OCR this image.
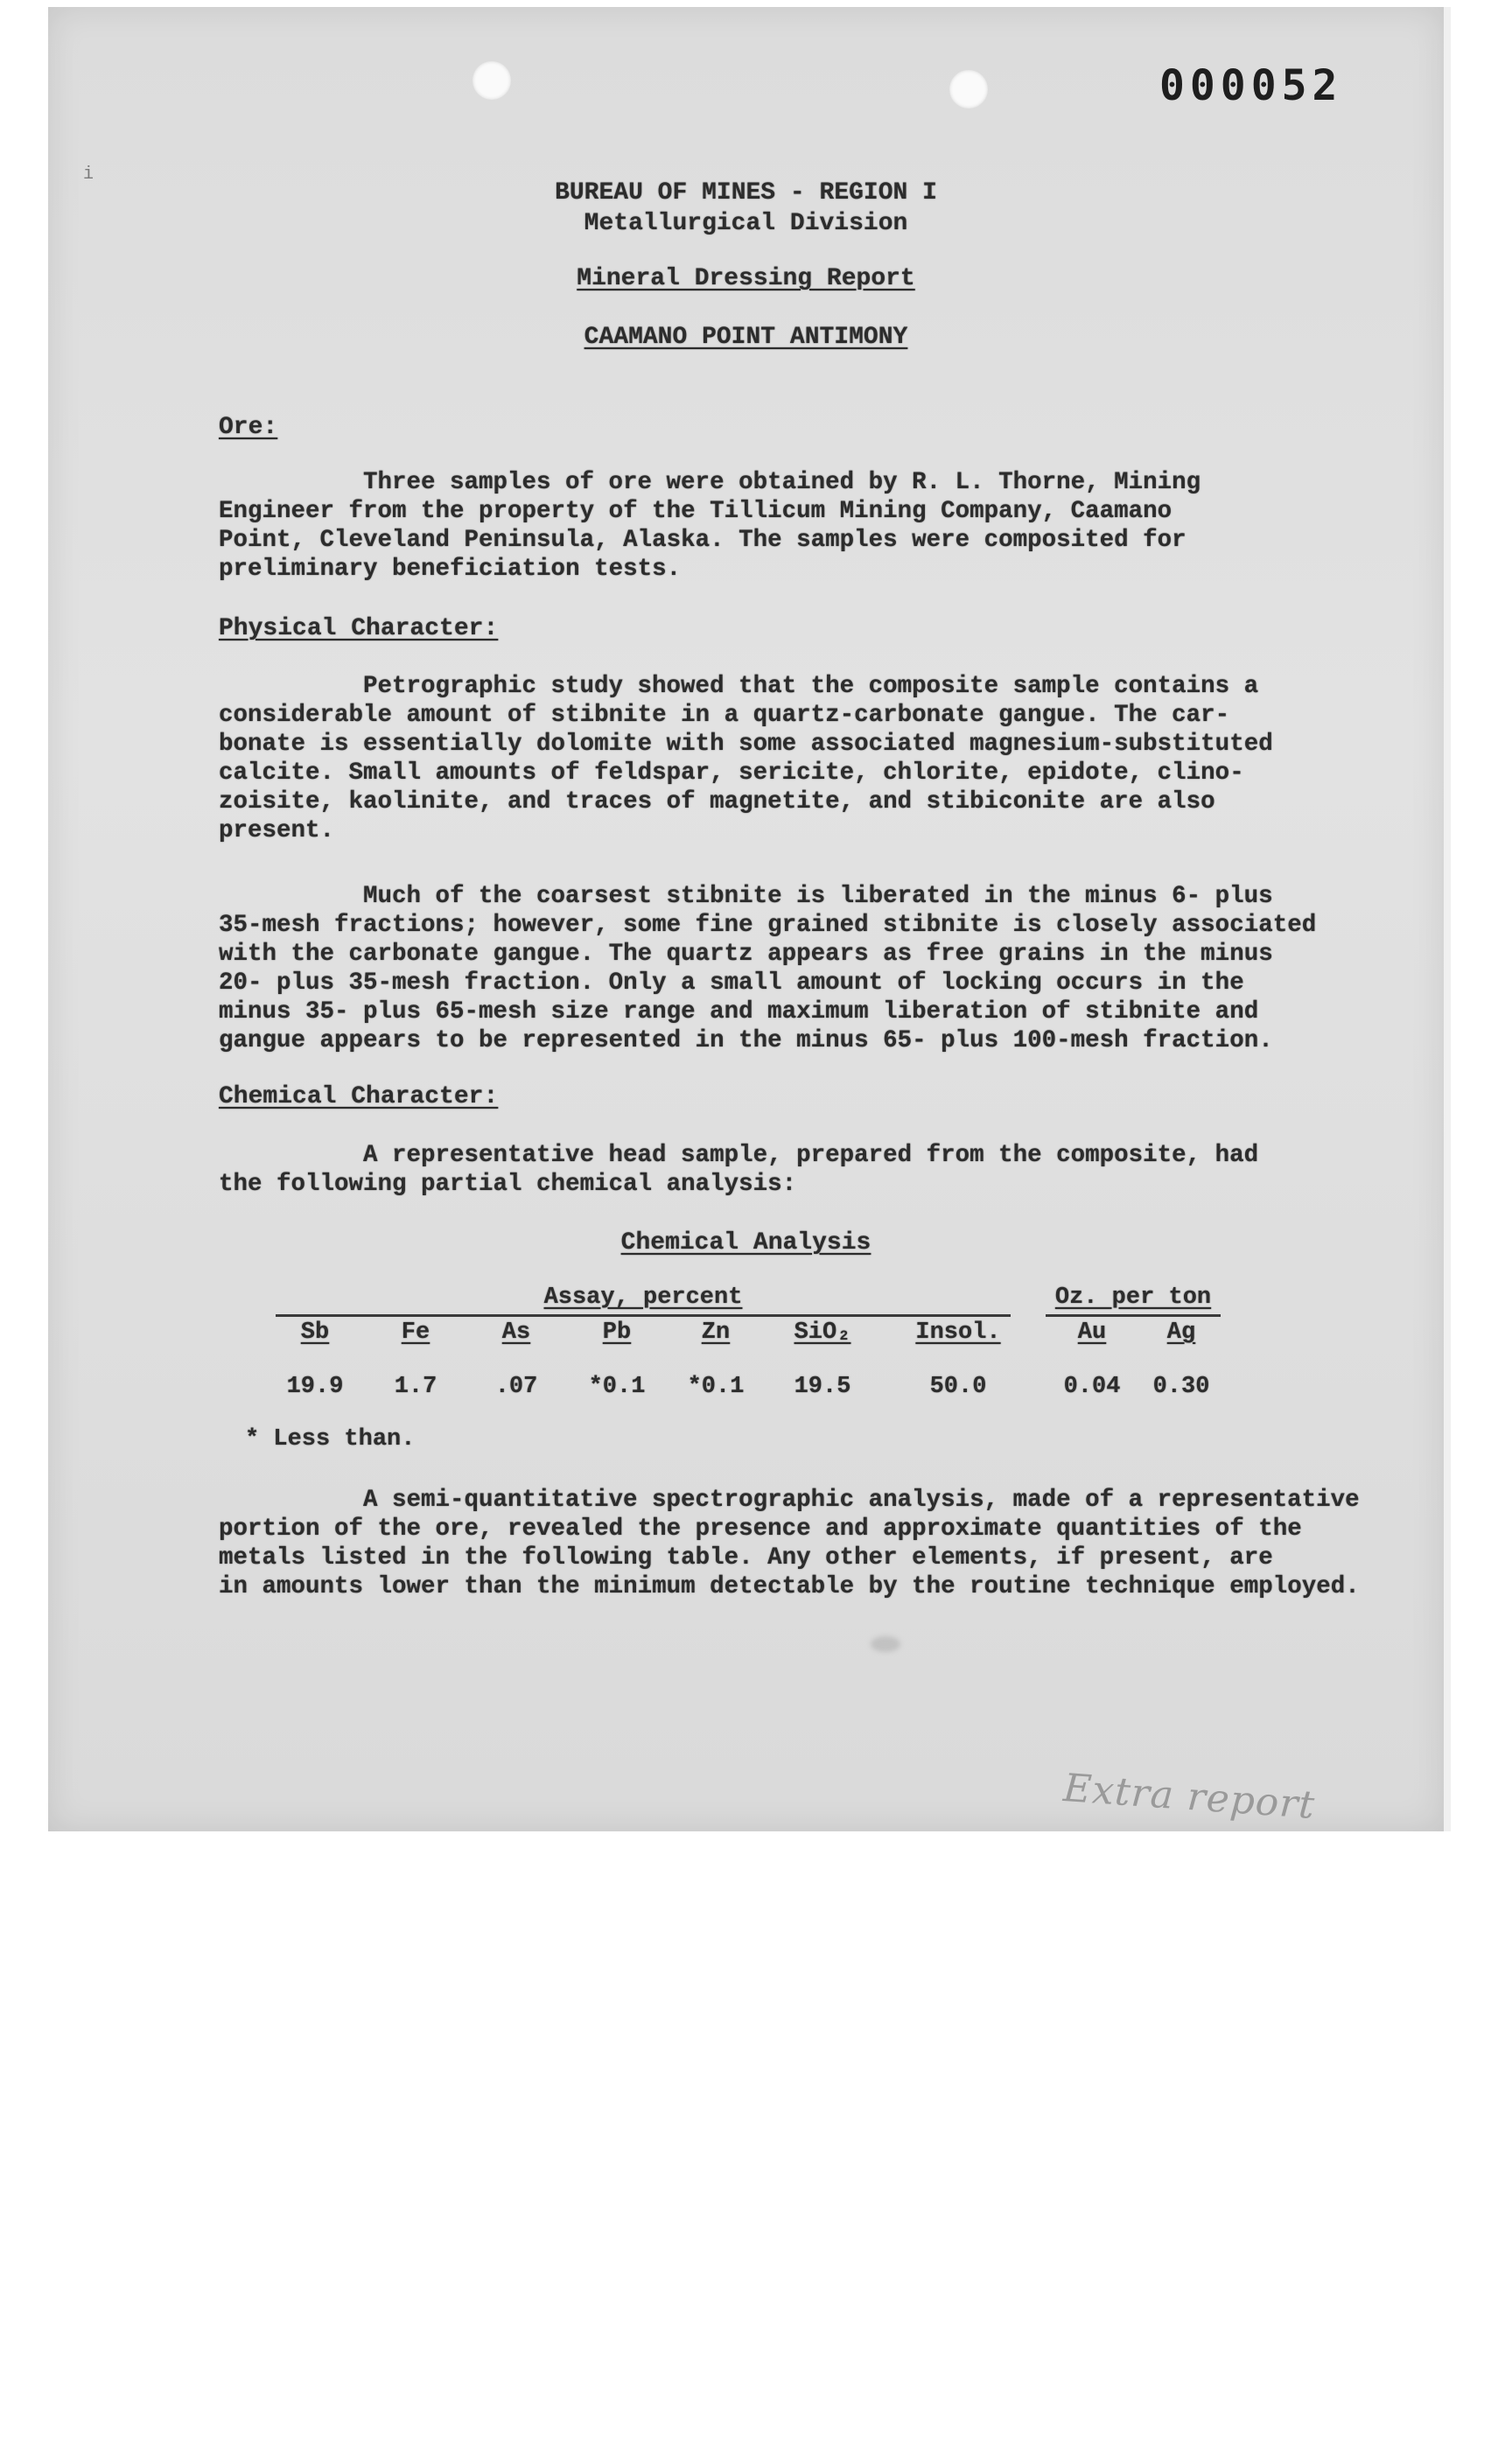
i
000052
BUREAU OF MINES - REGION I
Metallurgical Division
Mineral Dressing Report
CAAMANO POINT ANTIMONY
Ore:
Three samples of ore were obtained by R. L. Thorne, Mining
Engineer from the property of the Tillicum Mining Company, Caamano
Point, Cleveland Peninsula, Alaska. The samples were composited for
preliminary beneficiation tests.
Physical Character:
Petrographic study showed that the composite sample contains a
considerable amount of stibnite in a quartz-carbonate gangue. The car-
bonate is essentially dolomite with some associated magnesium-substituted
calcite. Small amounts of feldspar, sericite, chlorite, epidote, clino-
zoisite, kaolinite, and traces of magnetite, and stibiconite are also
present.
Much of the coarsest stibnite is liberated in the minus 6- plus
35-mesh fractions; however, some fine grained stibnite is closely associated
with the carbonate gangue. The quartz appears as free grains in the minus
20- plus 35-mesh fraction. Only a small amount of locking occurs in the
minus 35- plus 65-mesh size range and maximum liberation of stibnite and
gangue appears to be represented in the minus 65- plus 100-mesh fraction.
Chemical Character:
A representative head sample, prepared from the composite, had
the following partial chemical analysis:
Chemical Analysis
Assay, percent	Oz. per ton
Sb	Fe	As	Pb	Zn	SiO₂	Insol.	Au	Ag
19.9	1.7	.07	*0.1	*0.1	19.5	50.0	0.04	0.30
* Less than.
A semi-quantitative spectrographic analysis, made of a representative
portion of the ore, revealed the presence and approximate quantities of the
metals listed in the following table. Any other elements, if present, are
in amounts lower than the minimum detectable by the routine technique employed.
Extra report
